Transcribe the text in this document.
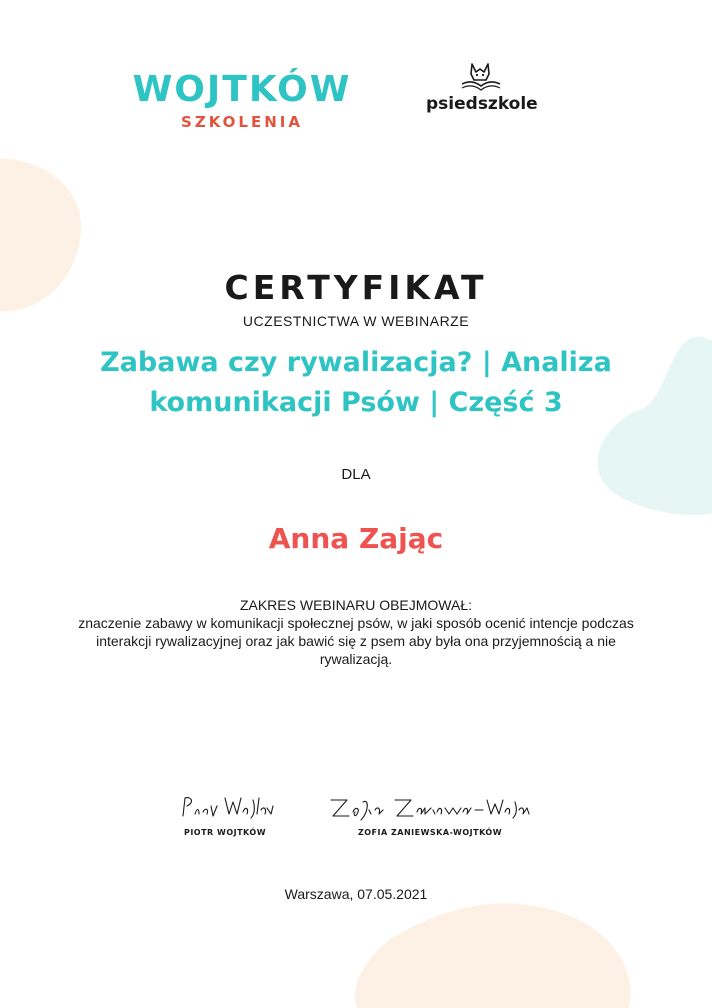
WOJTKÓW
SZKOLENIA
psiedszkole
CERTYFIKAT
UCZESTNICTWA W WEBINARZE
Zabawa czy rywalizacja? | Analiza komunikacji Psów | Część 3
DLA
Anna Zając
ZAKRES WEBINARU OBEJMOWAŁ:
znaczenie zabawy w komunikacji społecznej psów, w jaki sposób ocenić intencje podczas interakcji rywalizacyjnej oraz jak bawić się z psem aby była ona przyjemnością a nie rywalizacją.
PIOTR WOJTKÓW	ZOFIA ZANIEWSKA-WOJTKÓW
Warszawa, 07.05.2021
